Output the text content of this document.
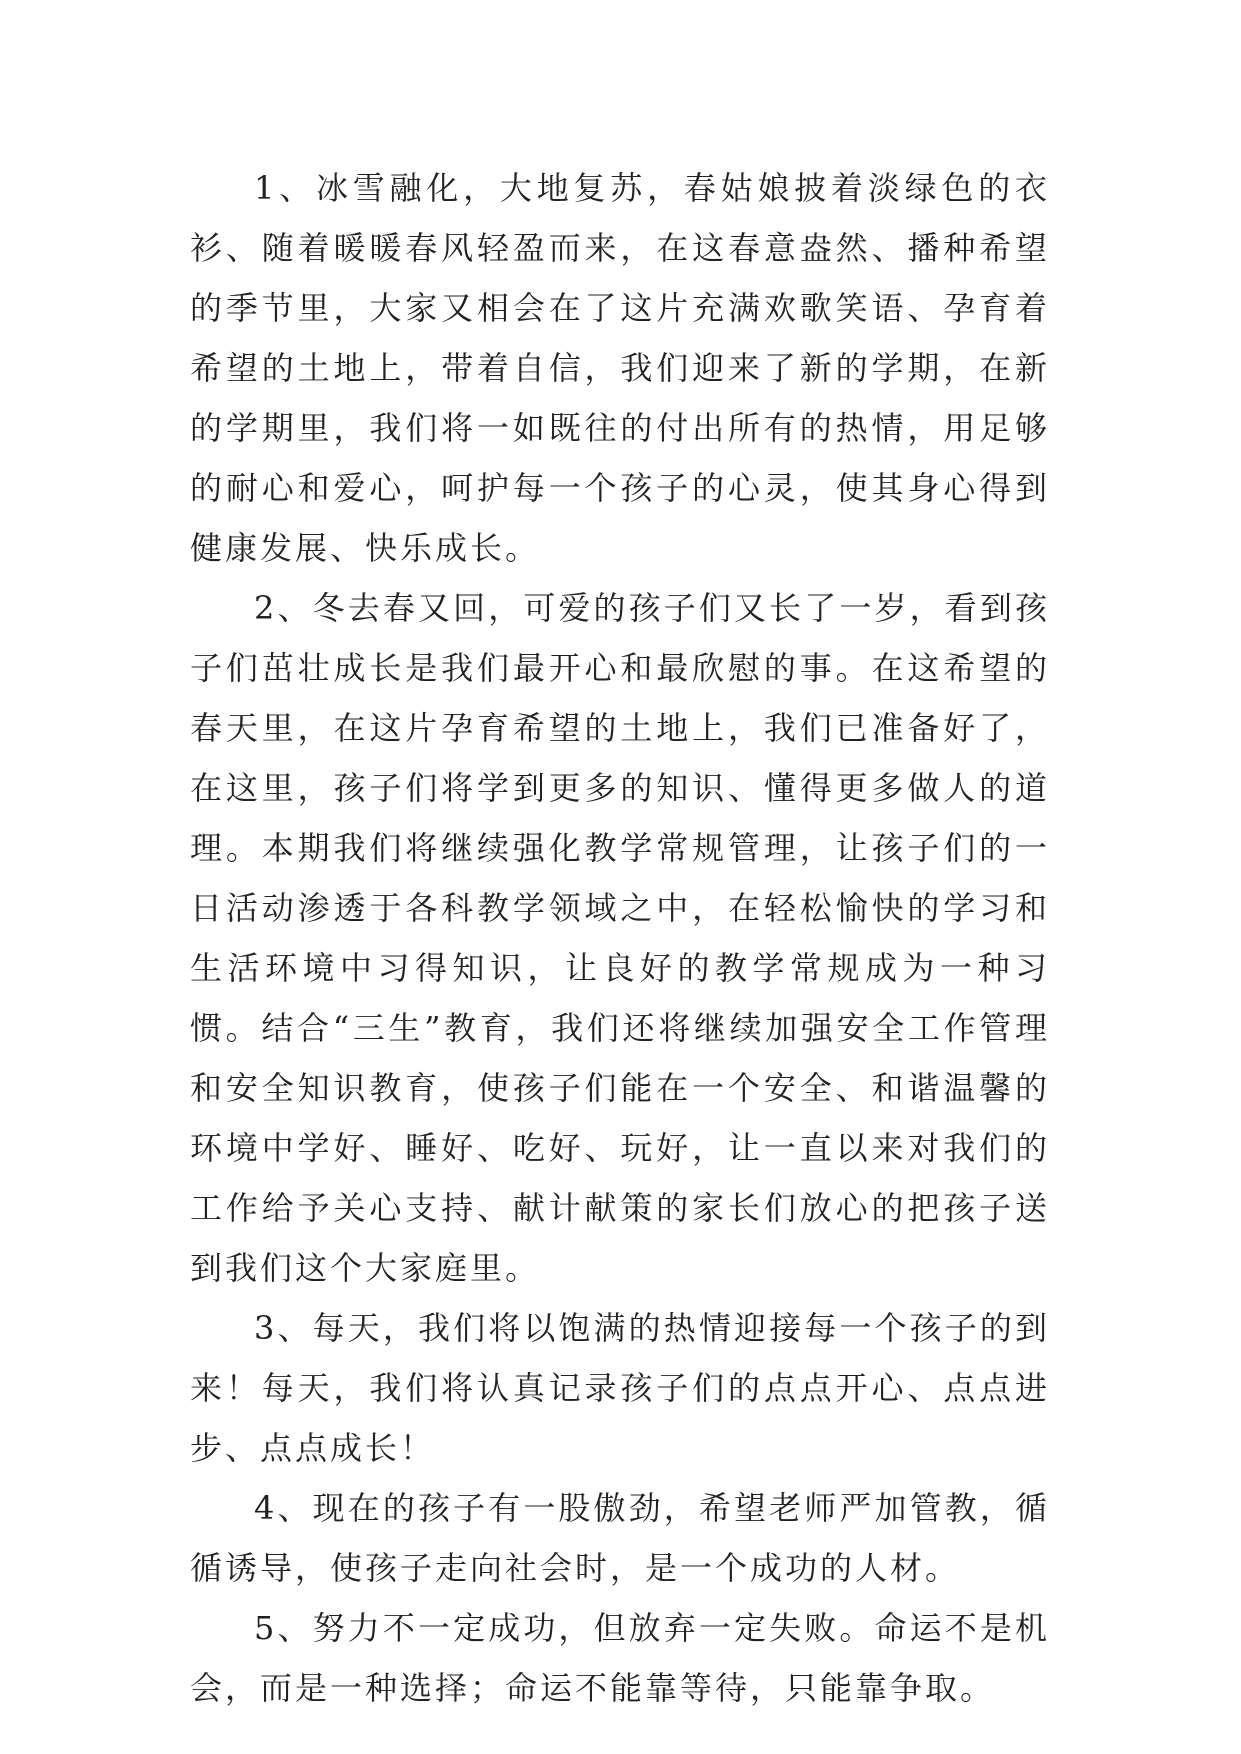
1、冰雪融化，大地复苏，春姑娘披着淡绿色的衣衫、随着暖暖春风轻盈而来，在这春意盎然、播种希望的季节里，大家又相会在了这片充满欢歌笑语、孕育着希望的土地上，带着自信，我们迎来了新的学期，在新的学期里，我们将一如既往的付出所有的热情，用足够的耐心和爱心，呵护每一个孩子的心灵，使其身心得到健康发展、快乐成长。

2、冬去春又回，可爱的孩子们又长了一岁，看到孩子们茁壮成长是我们最开心和最欣慰的事。在这希望的春天里，在这片孕育希望的土地上，我们已准备好了，在这里，孩子们将学到更多的知识、懂得更多做人的道理。本期我们将继续强化教学常规管理，让孩子们的一日活动渗透于各科教学领域之中，在轻松愉快的学习和生活环境中习得知识，让良好的教学常规成为一种习惯。结合“三生”教育，我们还将继续加强安全工作管理和安全知识教育，使孩子们能在一个安全、和谐温馨的环境中学好、睡好、吃好、玩好，让一直以来对我们的工作给予关心支持、献计献策的家长们放心的把孩子送到我们这个大家庭里。

3、每天，我们将以饱满的热情迎接每一个孩子的到来！每天，我们将认真记录孩子们的点点开心、点点进步、点点成长！

4、现在的孩子有一股傲劲，希望老师严加管教，循循诱导，使孩子走向社会时，是一个成功的人材。

5、努力不一定成功，但放弃一定失败。命运不是机会，而是一种选择；命运不能靠等待，只能靠争取。
